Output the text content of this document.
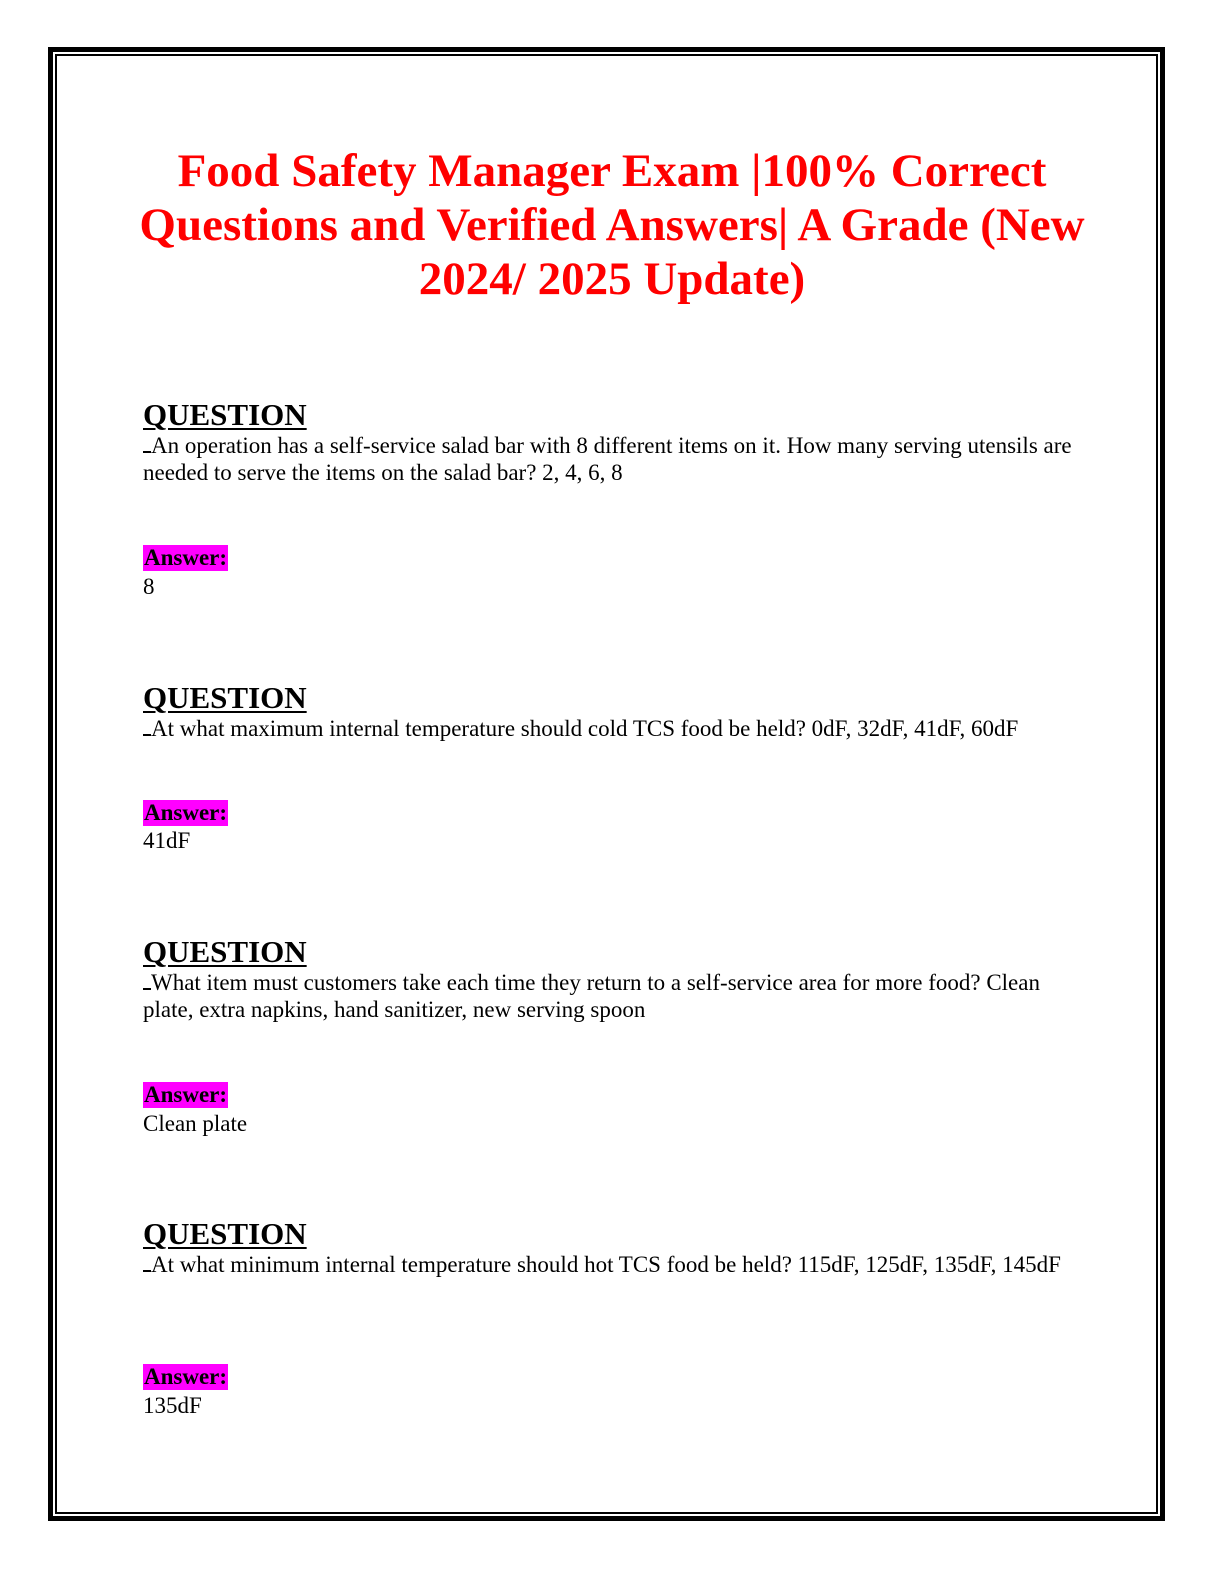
Food Safety Manager Exam |100% Correct Questions and Verified Answers| A Grade (New 2024/ 2025 Update)
QUESTION

An operation has a self-service salad bar with 8 different items on it. How many serving utensils are needed to serve the items on the salad bar? 2, 4, 6, 8

Answer:
8
QUESTION

At what maximum internal temperature should cold TCS food be held? 0dF, 32dF, 41dF, 60dF

Answer:
41dF
QUESTION

What item must customers take each time they return to a self-service area for more food? Clean plate, extra napkins, hand sanitizer, new serving spoon

Answer:
Clean plate
QUESTION

At what minimum internal temperature should hot TCS food be held? 115dF, 125dF, 135dF, 145dF

Answer:
135dF
